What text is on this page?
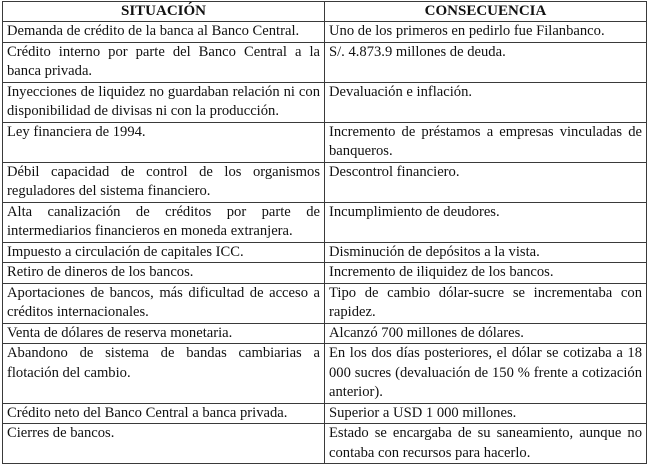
SITUACIÓN	CONSECUENCIA
Demanda de crédito de la banca al Banco Central.	Uno de los primeros en pedirlo fue Filanbanco.
Crédito interno por parte del Banco Central a la banca privada.	S/. 4.873.9 millones de deuda.
Inyecciones de liquidez no guardaban relación ni con disponibilidad de divisas ni con la producción.	Devaluación e inflación.
Ley financiera de 1994.	Incremento de préstamos a empresas vinculadas de banqueros.
Débil capacidad de control de los organismos reguladores del sistema financiero.	Descontrol financiero.
Alta canalización de créditos por parte de intermediarios financieros en moneda extranjera.	Incumplimiento de deudores.
Impuesto a circulación de capitales ICC.	Disminución de depósitos a la vista.
Retiro de dineros de los bancos.	Incremento de iliquidez de los bancos.
Aportaciones de bancos, más dificultad de acceso a créditos internacionales.	Tipo de cambio dólar-sucre se incrementaba con rapidez.
Venta de dólares de reserva monetaria.	Alcanzó 700 millones de dólares.
Abandono de sistema de bandas cambiarias a flotación del cambio.	En los dos días posteriores, el dólar se cotizaba a 18 000 sucres (devaluación de 150 % frente a cotización anterior).
Crédito neto del Banco Central a banca privada.	Superior a USD 1 000 millones.
Cierres de bancos.	Estado se encargaba de su saneamiento, aunque no contaba con recursos para hacerlo.
